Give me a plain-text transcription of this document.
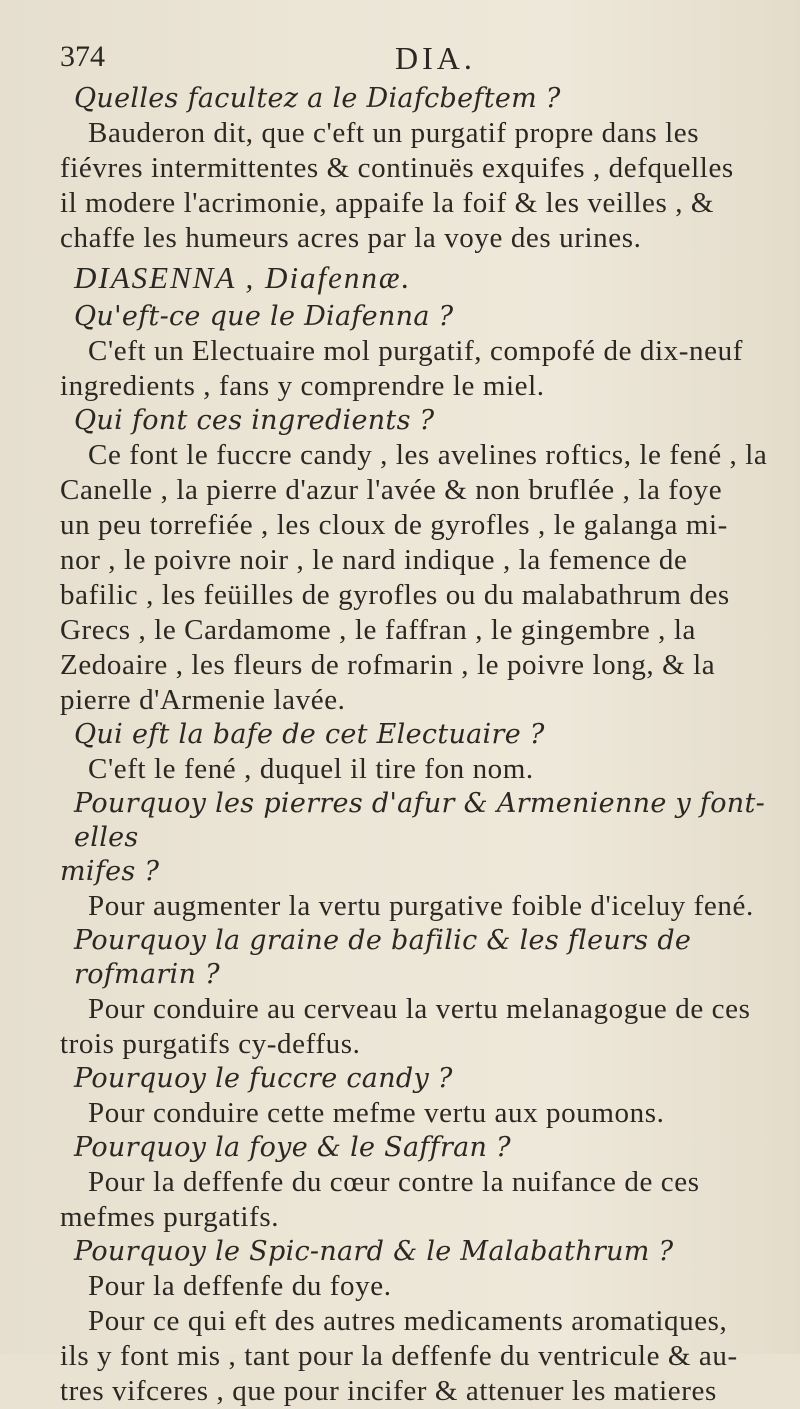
374	DIA.
Quelles facultez a le Diafcbeftem ?
Bauderon dit, que c'eft un purgatif propre dans les
fiévres intermittentes & continuës exquifes , defquelles
il modere l'acrimonie, appaife la foif & les veilles , &
chaffe les humeurs acres par la voye des urines.
DIASENNA , Diafennæ.
Qu'eft-ce que le Diafenna ?
C'eft un Electuaire mol purgatif, compofé de dix-neuf
ingredients , fans y comprendre le miel.
Qui font ces ingredients ?
Ce font le fuccre candy , les avelines roftics, le fené , la
Canelle , la pierre d'azur l'avée & non bruflée , la foye
un peu torrefiée , les cloux de gyrofles , le galanga mi-
nor , le poivre noir , le nard indique , la femence de
bafilic , les feüilles de gyrofles ou du malabathrum des
Grecs , le Cardamome , le faffran , le gingembre , la
Zedoaire , les fleurs de rofmarin , le poivre long, & la
pierre d'Armenie lavée.
Qui eft la bafe de cet Electuaire ?
C'eft le fené , duquel il tire fon nom.
Pourquoy les pierres d'afur & Armenienne y font-elles
mifes ?
Pour augmenter la vertu purgative foible d'iceluy fené.
Pourquoy la graine de bafilic & les fleurs de rofmarin ?
Pour conduire au cerveau la vertu melanagogue de ces
trois purgatifs cy-deffus.
Pourquoy le fuccre candy ?
Pour conduire cette mefme vertu aux poumons.
Pourquoy la foye & le Saffran ?
Pour la deffenfe du cœur contre la nuifance de ces
mefmes purgatifs.
Pourquoy le Spic-nard & le Malabathrum ?
Pour la deffenfe du foye.
Pour ce qui eft des autres medicaments aromatiques,
ils y font mis , tant pour la deffenfe du ventricule & au-
tres vifceres , que pour incifer & attenuer les matieres
